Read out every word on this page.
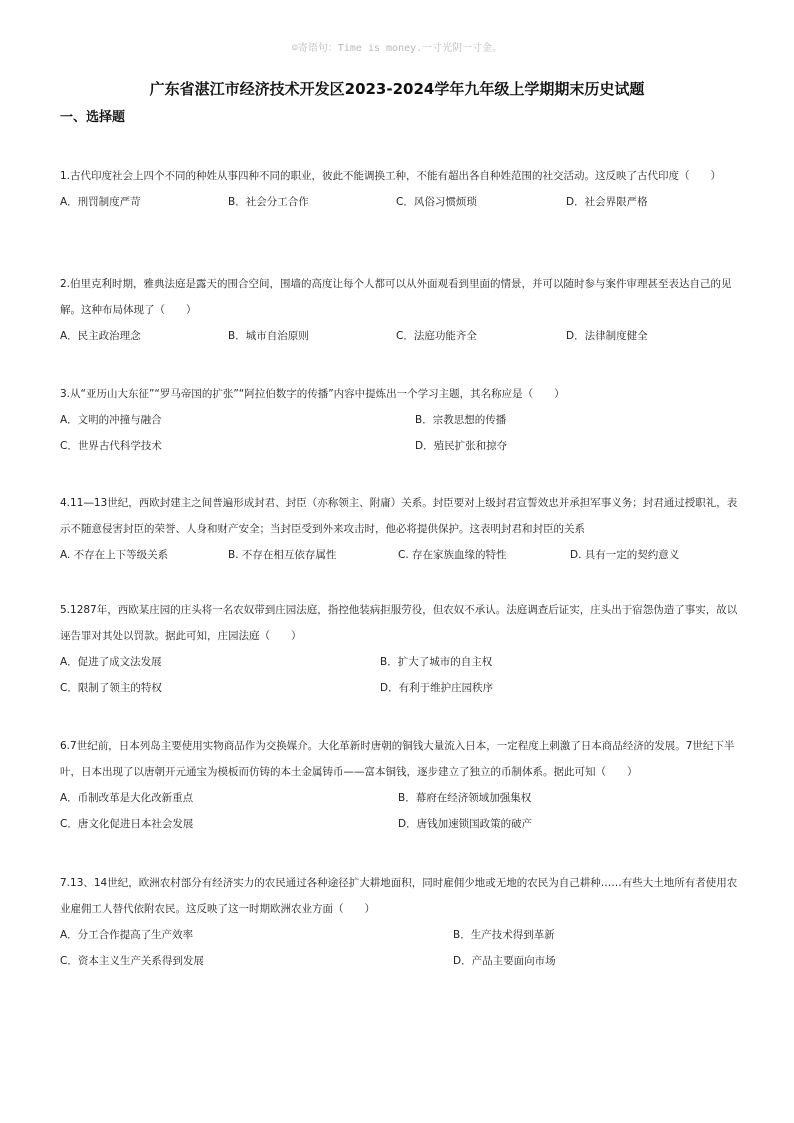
☺寄语句：Time is money.一寸光阴一寸金。
广东省湛江市经济技术开发区2023-2024学年九年级上学期期末历史试题
一、选择题

1.古代印度社会上四个不同的种姓从事四种不同的职业，彼此不能调换工种，不能有超出各自种姓范围的社交活动。这反映了古代印度（　　）

A．刑罚制度严苛	B．社会分工合作	C．风俗习惯烦琐	D．社会界限严格

2.伯里克利时期，雅典法庭是露天的围合空间，围墙的高度让每个人都可以从外面观看到里面的情景，并可以随时参与案件审理甚至表达自己的见解。这种布局体现了（　　）

A．民主政治理念	B．城市自治原则	C．法庭功能齐全	D．法律制度健全

3.从“亚历山大东征”“罗马帝国的扩张”“阿拉伯数字的传播”内容中提炼出一个学习主题，其名称应是（　　）

A．文明的冲撞与融合	B．宗教思想的传播
C．世界古代科学技术	D．殖民扩张和掠夺

4.11—13世纪，西欧封建主之间普遍形成封君、封臣（亦称领主、附庸）关系。封臣要对上级封君宣誓效忠并承担军事义务；封君通过授职礼，表示不随意侵害封臣的荣誉、人身和财产安全；当封臣受到外来攻击时，他必将提供保护。这表明封君和封臣的关系

A. 不存在上下等级关系	B. 不存在相互依存属性	C. 存在家族血缘的特性	D. 具有一定的契约意义

5.1287年，西欧某庄园的庄头将一名农奴带到庄园法庭，指控他装病拒服劳役，但农奴不承认。法庭调查后证实，庄头出于宿怨伪造了事实，故以诬告罪对其处以罚款。据此可知，庄园法庭（　　）

A．促进了成文法发展	B．扩大了城市的自主权
C．限制了领主的特权	D．有利于维护庄园秩序

6.7世纪前，日本列岛主要使用实物商品作为交换媒介。大化革新时唐朝的铜钱大量流入日本，一定程度上刺激了日本商品经济的发展。7世纪下半叶，日本出现了以唐朝开元通宝为模板而仿铸的本土金属铸币——富本铜钱，逐步建立了独立的币制体系。据此可知（　　）

A．币制改革是大化改新重点	B．幕府在经济领域加强集权
C．唐文化促进日本社会发展	D．唐钱加速锁国政策的破产

7.13、14世纪，欧洲农村部分有经济实力的农民通过各种途径扩大耕地面积，同时雇佣少地或无地的农民为自己耕种……有些大土地所有者使用农业雇佣工人替代依附农民。这反映了这一时期欧洲农业方面（　　）

A．分工合作提高了生产效率	B．生产技术得到革新
C．资本主义生产关系得到发展	D．产品主要面向市场
